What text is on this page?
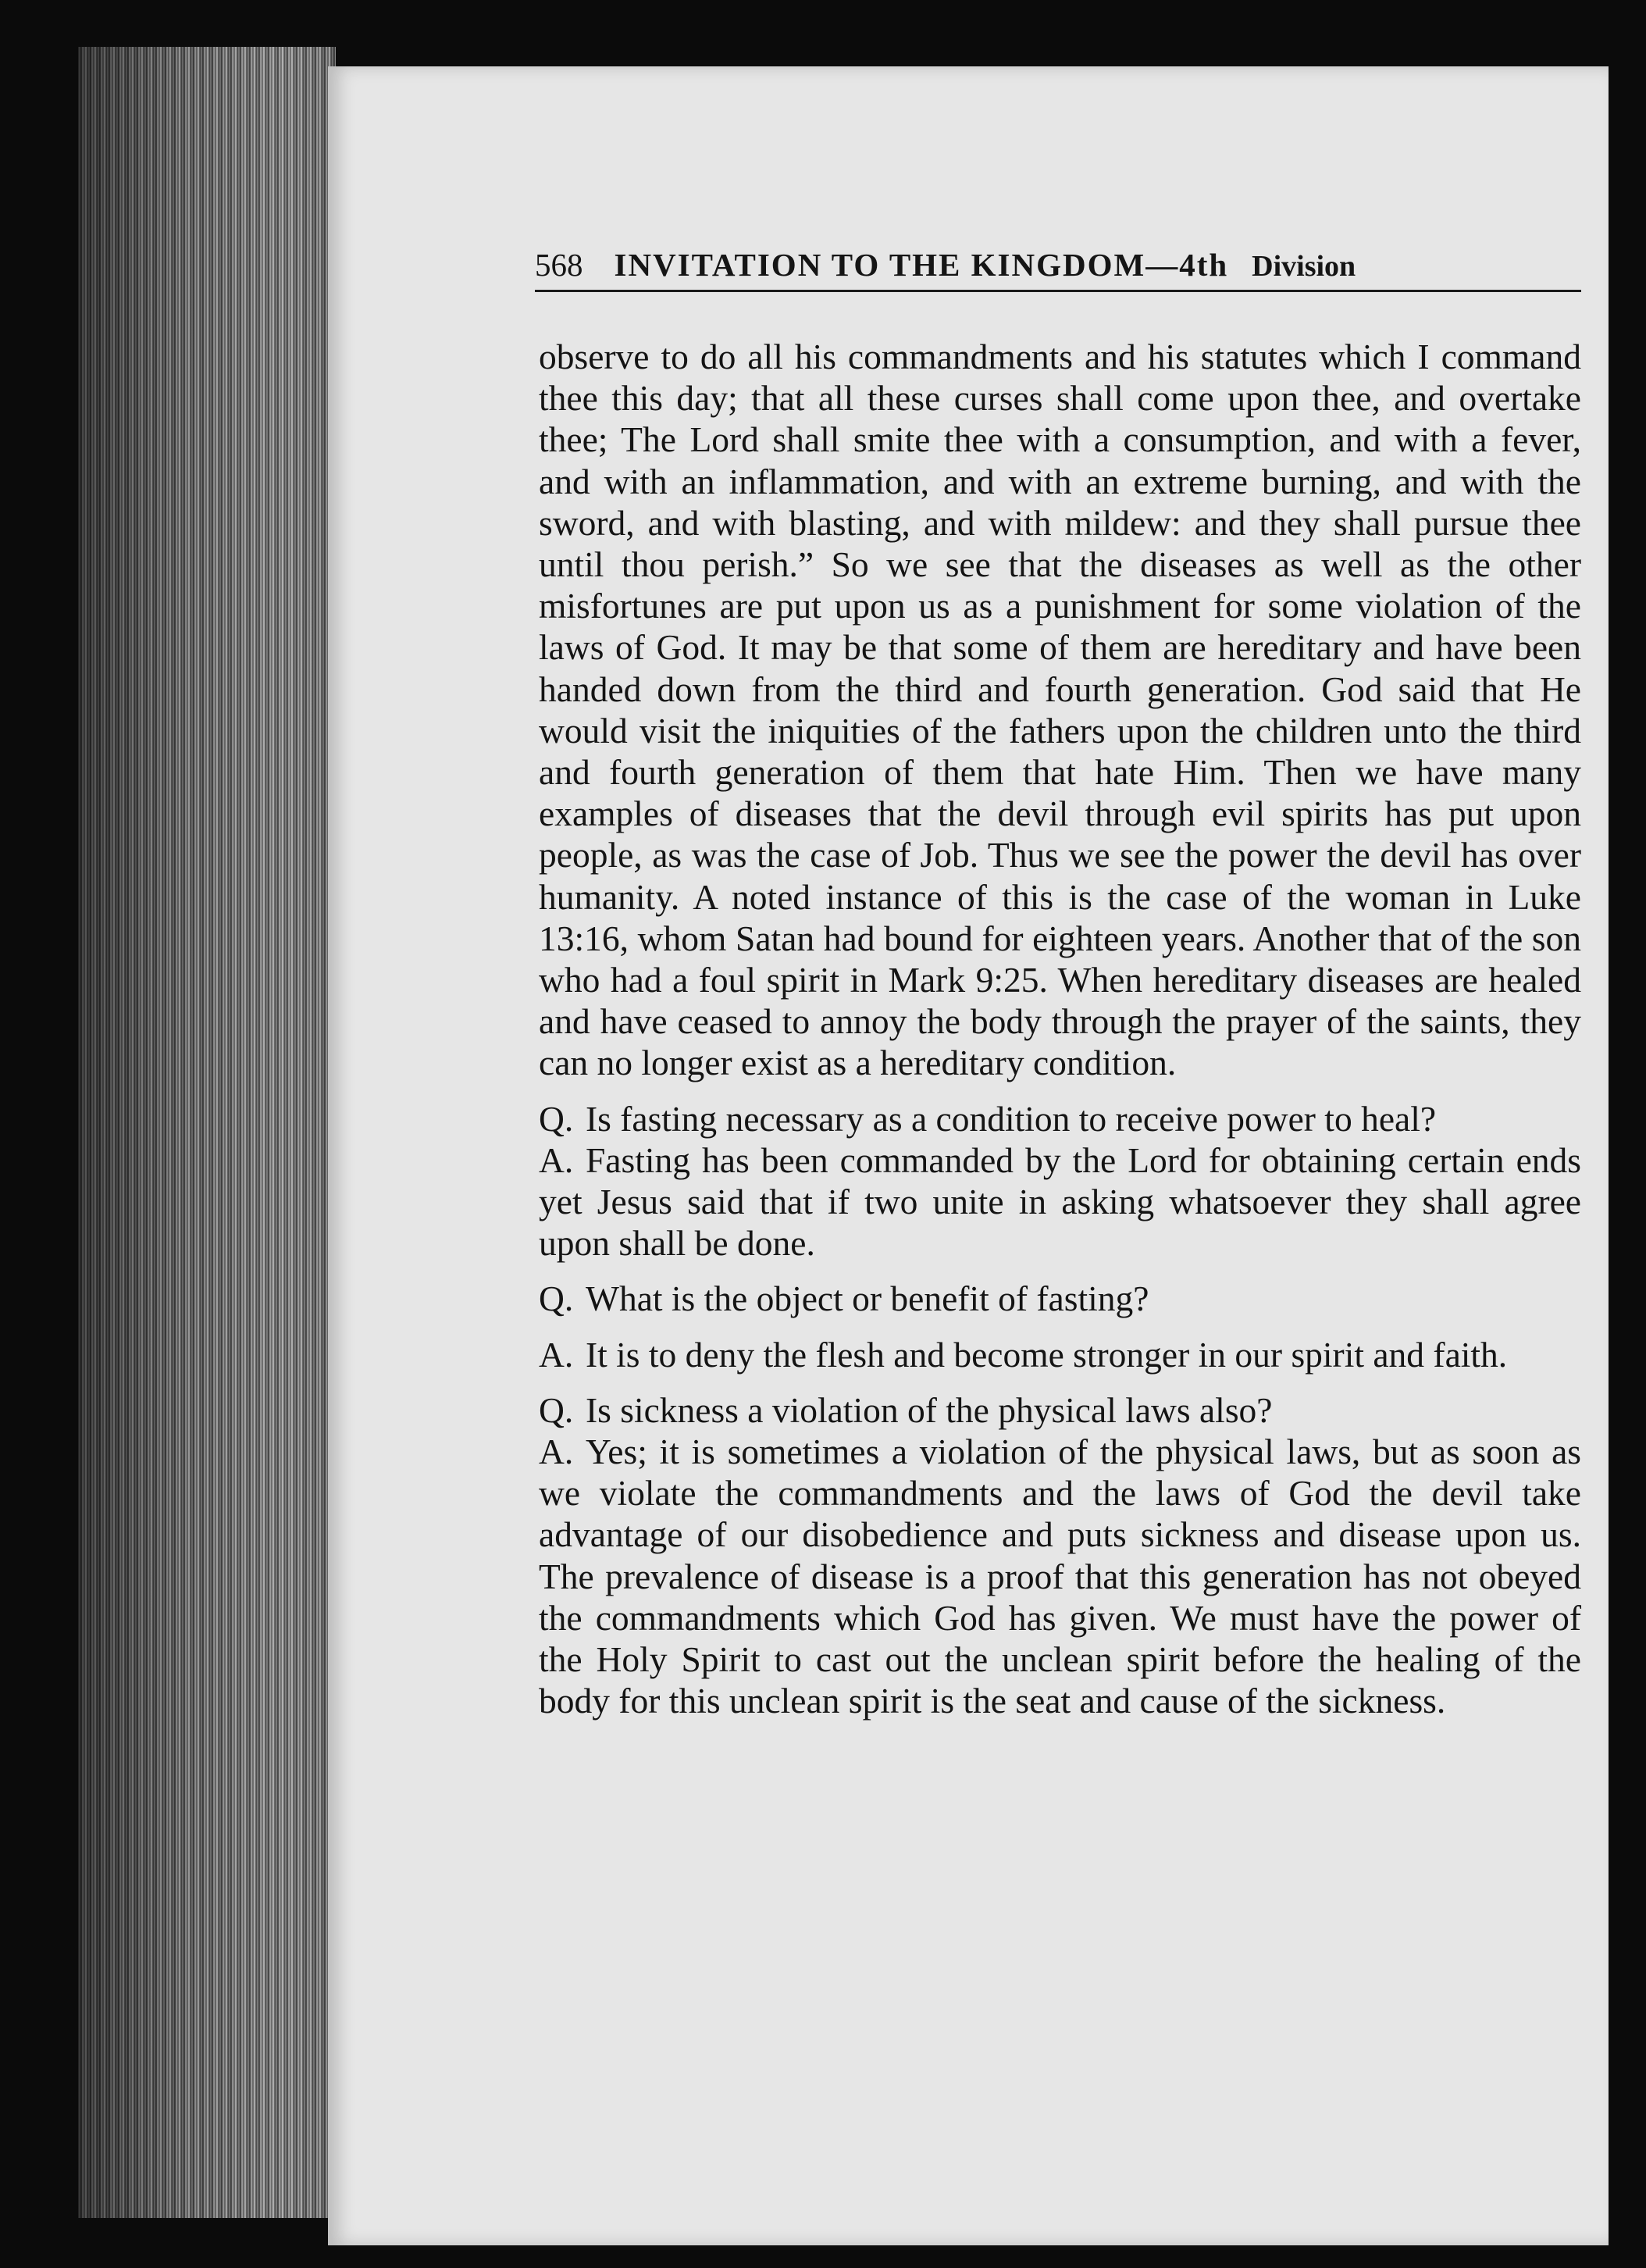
568 INVITATION TO THE KINGDOM—4th Division

observe to do all his commandments and his statutes which I command thee this day; that all these curses shall come upon thee, and overtake thee; The Lord shall smite thee with a consumption, and with a fever, and with an inflammation, and with an extreme burning, and with the sword, and with blasting, and with mildew: and they shall pursue thee until thou perish.” So we see that the diseases as well as the other misfortunes are put upon us as a punishment for some violation of the laws of God. It may be that some of them are hereditary and have been handed down from the third and fourth generation. God said that He would visit the iniquities of the fathers upon the children unto the third and fourth generation of them that hate Him. Then we have many examples of diseases that the devil through evil spirits has put upon people, as was the case of Job. Thus we see the power the devil has over humanity. A noted instance of this is the case of the woman in Luke 13:16, whom Satan had bound for eighteen years. Another that of the son who had a foul spirit in Mark 9:25. When hereditary diseases are healed and have ceased to annoy the body through the prayer of the saints, they can no longer exist as a hereditary condition.

Q. Is fasting necessary as a condition to receive power to heal?

A. Fasting has been commanded by the Lord for obtaining certain ends yet Jesus said that if two unite in asking whatsoever they shall agree upon shall be done.

Q. What is the object or benefit of fasting?

A. It is to deny the flesh and become stronger in our spirit and faith.

Q. Is sickness a violation of the physical laws also?

A. Yes; it is sometimes a violation of the physical laws, but as soon as we violate the commandments and the laws of God the devil take advantage of our disobedience and puts sickness and disease upon us. The prevalence of disease is a proof that this generation has not obeyed the commandments which God has given. We must have the power of the Holy Spirit to cast out the unclean spirit before the healing of the body for this unclean spirit is the seat and cause of the sickness.
